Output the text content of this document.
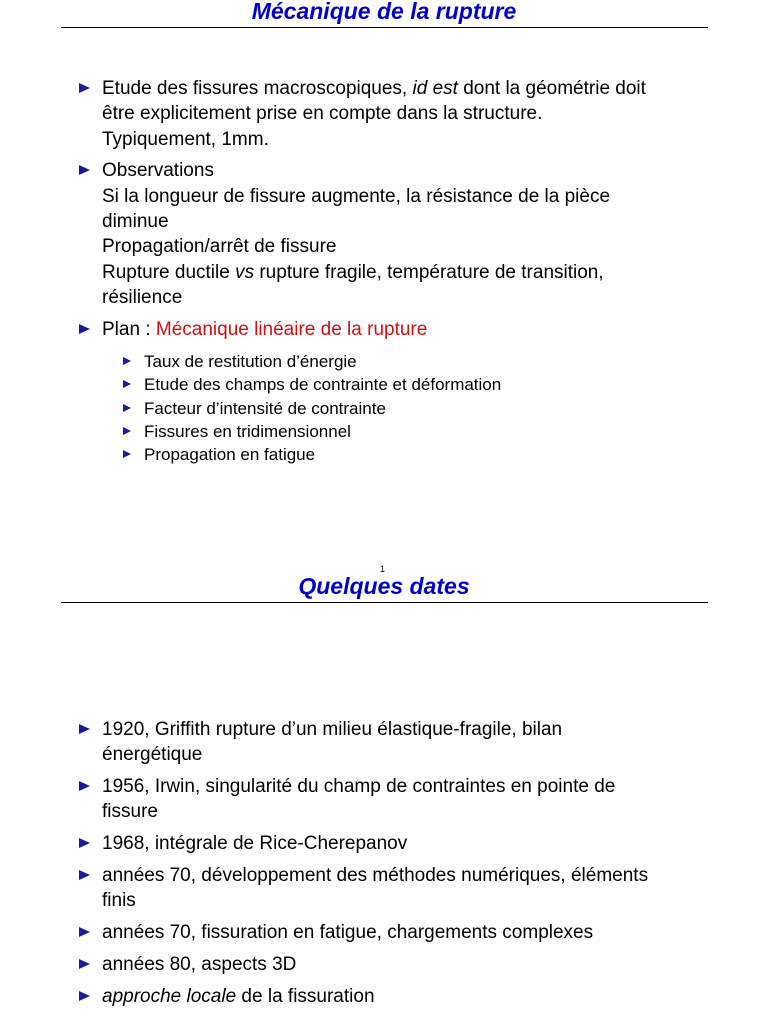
Mécanique de la rupture
Etude des fissures macroscopiques, id est dont la géométrie doit
être explicitement prise en compte dans la structure.
Typiquement, 1mm.
Observations
Si la longueur de fissure augmente, la résistance de la pièce
diminue
Propagation/arrêt de fissure
Rupture ductile vs rupture fragile, température de transition,
résilience
Plan : Mécanique linéaire de la rupture
Taux de restitution d’énergie
Etude des champs de contrainte et déformation
Facteur d’intensité de contrainte
Fissures en tridimensionnel
Propagation en fatigue
1
Quelques dates
1920, Griffith rupture d’un milieu élastique-fragile, bilan
énergétique
1956, Irwin, singularité du champ de contraintes en pointe de
fissure
1968, intégrale de Rice-Cherepanov
années 70, développement des méthodes numériques, éléments
finis
années 70, fissuration en fatigue, chargements complexes
années 80, aspects 3D
approche locale de la fissuration
